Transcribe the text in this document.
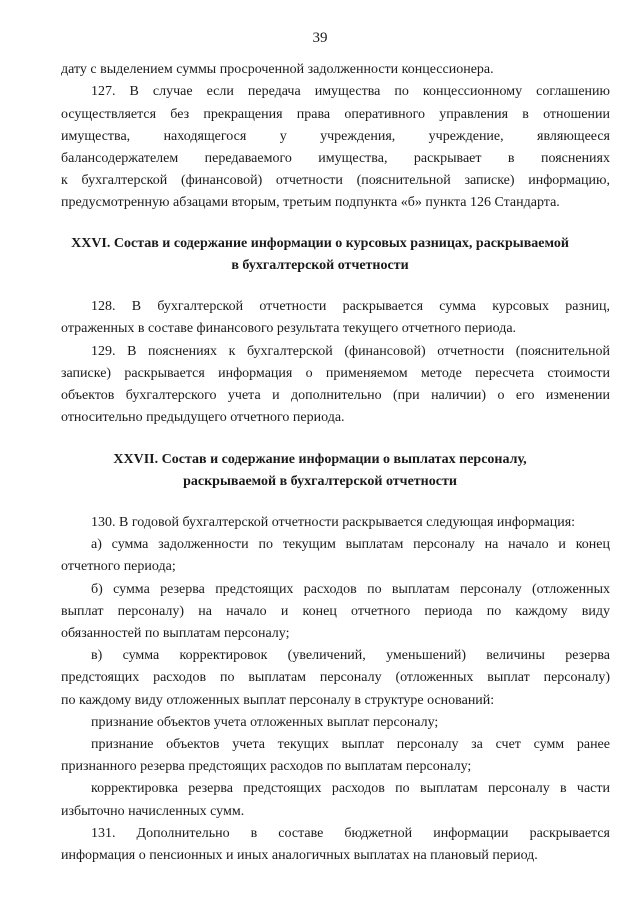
39
дату с выделением суммы просроченной задолженности концессионера.
127. В случае если передача имущества по концессионному соглашению
осуществляется без прекращения права оперативного управления в отношении
имущества, находящегося у учреждения, учреждение, являющееся
балансодержателем передаваемого имущества, раскрывает в пояснениях
к бухгалтерской (финансовой) отчетности (пояснительной записке) информацию,
предусмотренную абзацами вторым, третьим подпункта «б» пункта 126 Стандарта.
XXVI. Состав и содержание информации о курсовых разницах, раскрываемой
в бухгалтерской отчетности
128. В бухгалтерской отчетности раскрывается сумма курсовых разниц,
отраженных в составе финансового результата текущего отчетного периода.
129. В пояснениях к бухгалтерской (финансовой) отчетности (пояснительной
записке) раскрывается информация о применяемом методе пересчета стоимости
объектов бухгалтерского учета и дополнительно (при наличии) о его изменении
относительно предыдущего отчетного периода.
XXVII. Состав и содержание информации о выплатах персоналу,
раскрываемой в бухгалтерской отчетности
130. В годовой бухгалтерской отчетности раскрывается следующая информация:
а) сумма задолженности по текущим выплатам персоналу на начало и конец
отчетного периода;
б) сумма резерва предстоящих расходов по выплатам персоналу (отложенных
выплат персоналу) на начало и конец отчетного периода по каждому виду
обязанностей по выплатам персоналу;
в) сумма корректировок (увеличений, уменьшений) величины резерва
предстоящих расходов по выплатам персоналу (отложенных выплат персоналу)
по каждому виду отложенных выплат персоналу в структуре оснований:
признание объектов учета отложенных выплат персоналу;
признание объектов учета текущих выплат персоналу за счет сумм ранее
признанного резерва предстоящих расходов по выплатам персоналу;
корректировка резерва предстоящих расходов по выплатам персоналу в части
избыточно начисленных сумм.
131. Дополнительно в составе бюджетной информации раскрывается
информация о пенсионных и иных аналогичных выплатах на плановый период.
